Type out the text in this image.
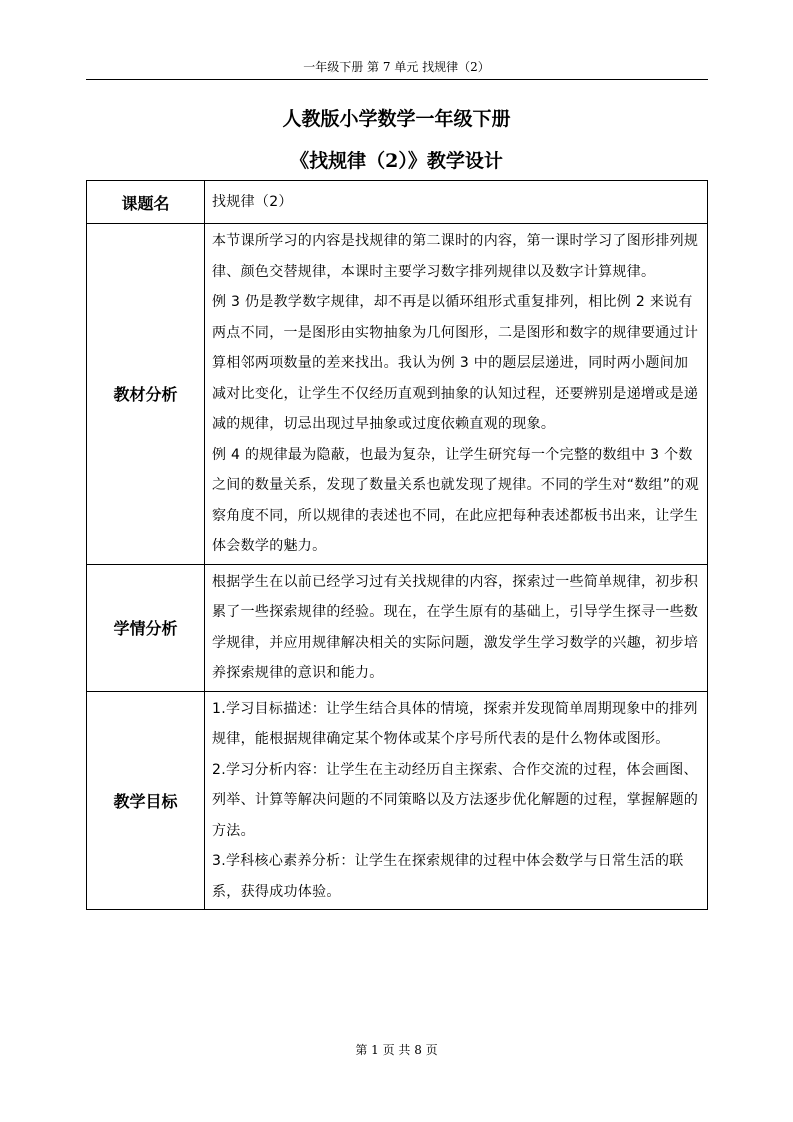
一年级下册 第 7 单元 找规律（2）
人教版小学数学一年级下册
《找规律（2）》教学设计
课题名	找规律（2）

教材分析	本节课所学习的内容是找规律的第二课时的内容，第一课时学习了图形排列规律、颜色交替规律，本课时主要学习数字排列规律以及数字计算规律。

例 3 仍是教学数字规律，却不再是以循环组形式重复排列，相比例 2 来说有两点不同，一是图形由实物抽象为几何图形，二是图形和数字的规律要通过计算相邻两项数量的差来找出。我认为例 3 中的题层层递进，同时两小题间加减对比变化，让学生不仅经历直观到抽象的认知过程，还要辨别是递增或是递减的规律，切忌出现过早抽象或过度依赖直观的现象。

例 4 的规律最为隐蔽，也最为复杂，让学生研究每一个完整的数组中 3 个数之间的数量关系，发现了数量关系也就发现了规律。不同的学生对“数组”的观察角度不同，所以规律的表述也不同，在此应把每种表述都板书出来，让学生体会数学的魅力。

学情分析	根据学生在以前已经学习过有关找规律的内容，探索过一些简单规律，初步积累了一些探索规律的经验。现在，在学生原有的基础上，引导学生探寻一些数学规律，并应用规律解决相关的实际问题，激发学生学习数学的兴趣，初步培养探索规律的意识和能力。

教学目标	1.学习目标描述：让学生结合具体的情境，探索并发现简单周期现象中的排列规律，能根据规律确定某个物体或某个序号所代表的是什么物体或图形。

2.学习分析内容：让学生在主动经历自主探索、合作交流的过程，体会画图、列举、计算等解决问题的不同策略以及方法逐步优化解题的过程，掌握解题的方法。

3.学科核心素养分析：让学生在探索规律的过程中体会数学与日常生活的联系，获得成功体验。

第 1 页 共 8 页
